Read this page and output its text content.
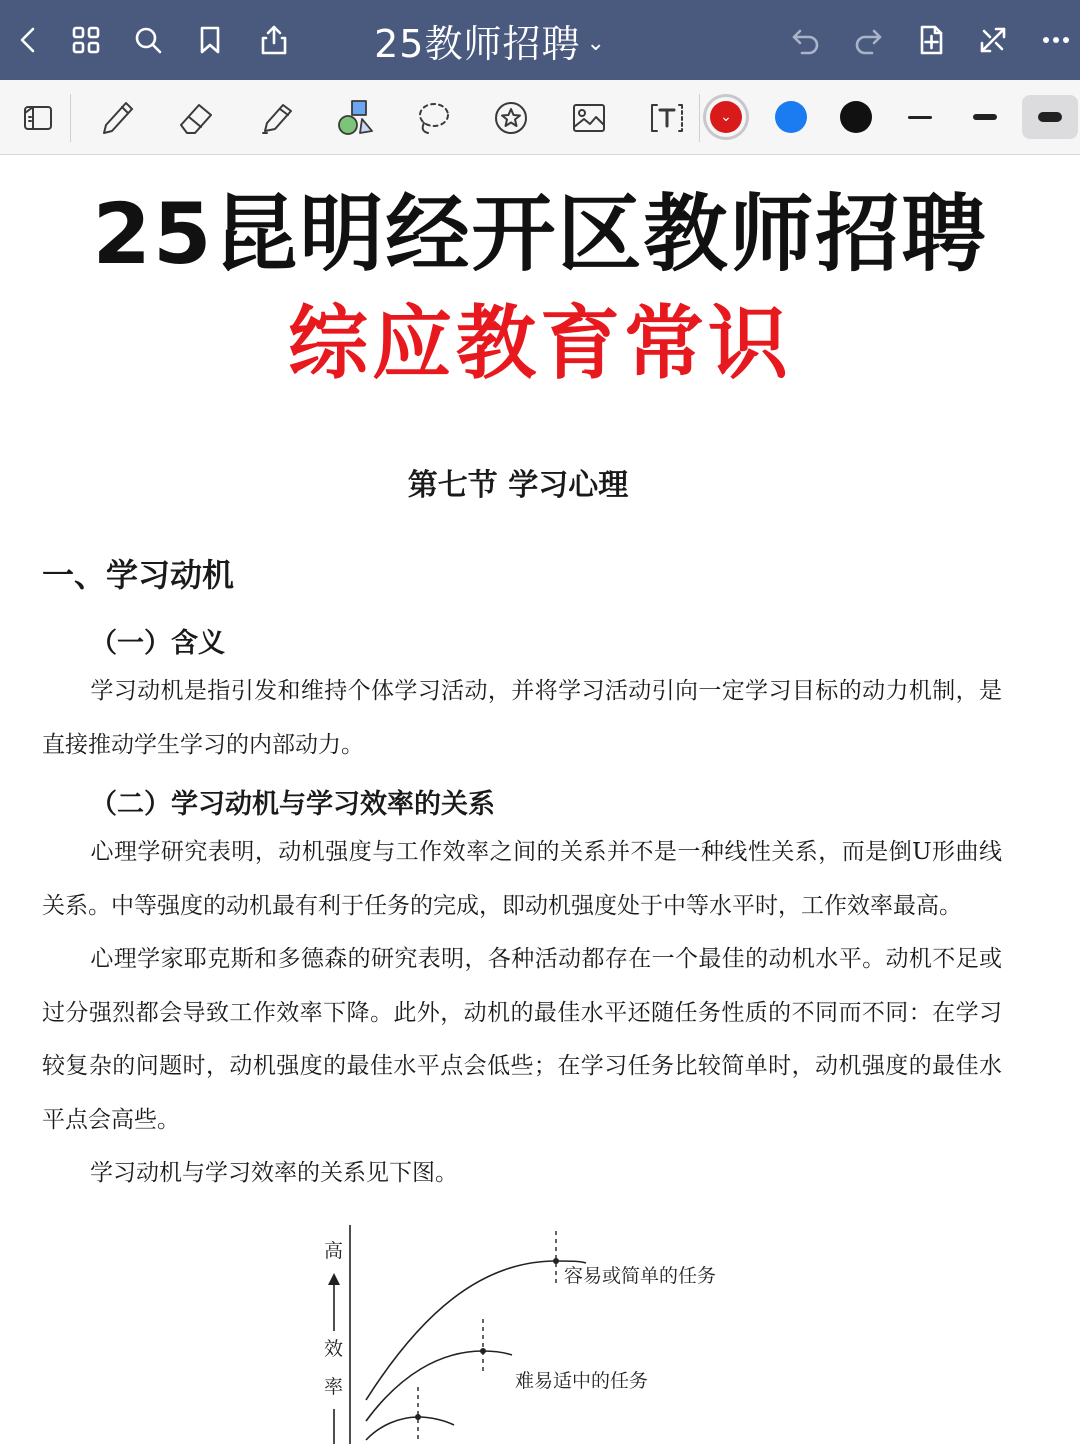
25教师招聘 ⌄
⌄
25昆明经开区教师招聘
综应教育常识
第七节 学习心理
一、学习动机
（一）含义
学习动机是指引发和维持个体学习活动，并将学习活动引向一定学习目标的动力机制，是直接推动学生学习的内部动力。
（二）学习动机与学习效率的关系
心理学研究表明，动机强度与工作效率之间的关系并不是一种线性关系，而是倒U形曲线关系。中等强度的动机最有利于任务的完成，即动机强度处于中等水平时，工作效率最高。
心理学家耶克斯和多德森的研究表明，各种活动都存在一个最佳的动机水平。动机不足或过分强烈都会导致工作效率下降。此外，动机的最佳水平还随任务性质的不同而不同：在学习较复杂的问题时，动机强度的最佳水平点会低些；在学习任务比较简单时，动机强度的最佳水平点会高些。
学习动机与学习效率的关系见下图。
高
效
率
容易或简单的任务
难易适中的任务
